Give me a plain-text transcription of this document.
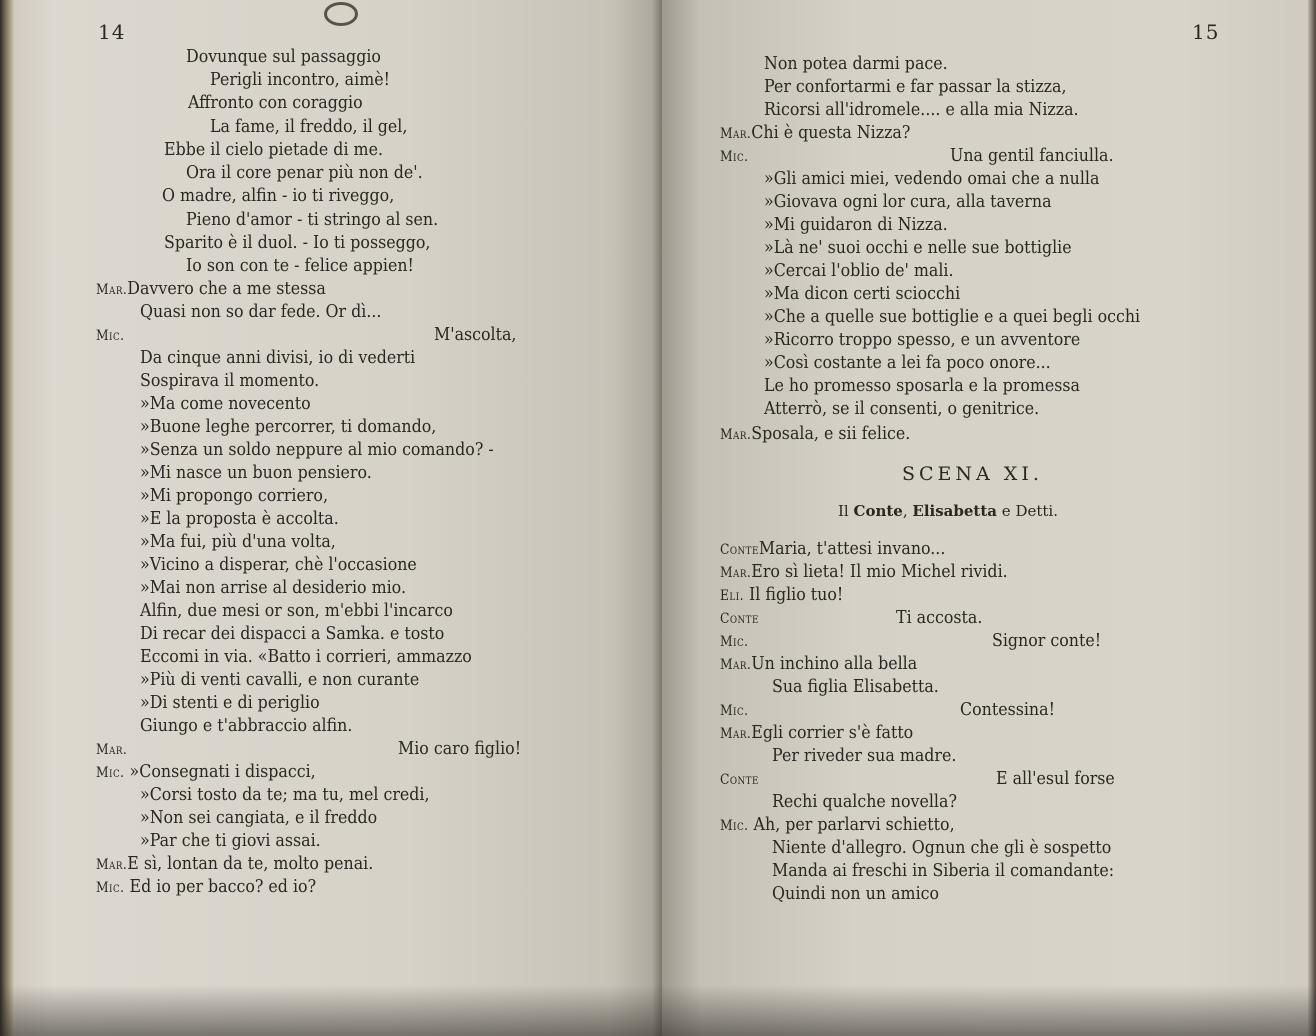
14
Dovunque sul passaggio
Perigli incontro, aimè!
Affronto con coraggio
La fame, il freddo, il gel,
Ebbe il cielo pietade di me.
Ora il core penar più non de'.
O madre, alfin - io ti riveggo,
Pieno d'amor - ti stringo al sen.
Sparito è il duol. - Io ti posseggo,
Io son con te - felice appien!
Mar.Davvero che a me stessa
Quasi non so dar fede. Or dì...
Mic.	M'ascolta,
Da cinque anni divisi, io di vederti
Sospirava il momento.
»Ma come novecento
»Buone leghe percorrer, ti domando,
»Senza un soldo neppure al mio comando? -
»Mi nasce un buon pensiero.
»Mi propongo corriero,
»E la proposta è accolta.
»Ma fui, più d'una volta,
»Vicino a disperar, chè l'occasione
»Mai non arrise al desiderio mio.
Alfin, due mesi or son, m'ebbi l'incarco
Di recar dei dispacci a Samka. e tosto
Eccomi in via. «Batto i corrieri, ammazzo
»Più di venti cavalli, e non curante
»Di stenti e di periglio
Giungo e t'abbraccio alfin.
Mar.	Mio caro figlio!
Mic. »Consegnati i dispacci,
»Corsi tosto da te; ma tu, mel credi,
»Non sei cangiata, e il freddo
»Par che ti giovi assai.
Mar.E sì, lontan da te, molto penai.
Mic. Ed io per bacco? ed io?
15
Non potea darmi pace.
Per confortarmi e far passar la stizza,
Ricorsi all'idromele.... e alla mia Nizza.
Mar.Chi è questa Nizza?
Mic.	Una gentil fanciulla.
»Gli amici miei, vedendo omai che a nulla
»Giovava ogni lor cura, alla taverna
»Mi guidaron di Nizza.
»Là ne' suoi occhi e nelle sue bottiglie
»Cercai l'oblio de' mali.
»Ma dicon certi sciocchi
»Che a quelle sue bottiglie e a quei begli occhi
»Ricorro troppo spesso, e un avventore
»Così costante a lei fa poco onore...
Le ho promesso sposarla e la promessa
Atterrò, se il consenti, o genitrice.
Mar.Sposala, e sii felice.
SCENA XI.
Il Conte, Elisabetta e Detti.
ConteMaria, t'attesi invano...
Mar.Ero sì lieta! Il mio Michel rividi.
Eli. Il figlio tuo!
Conte	Ti accosta.
Mic.	Signor conte!
Mar.Un inchino alla bella
Sua figlia Elisabetta.
Mic.	Contessina!
Mar.Egli corrier s'è fatto
Per riveder sua madre.
Conte	E all'esul forse
Rechi qualche novella?
Mic. Ah, per parlarvi schietto,
Niente d'allegro. Ognun che gli è sospetto
Manda ai freschi in Siberia il comandante:
Quindi non un amico
